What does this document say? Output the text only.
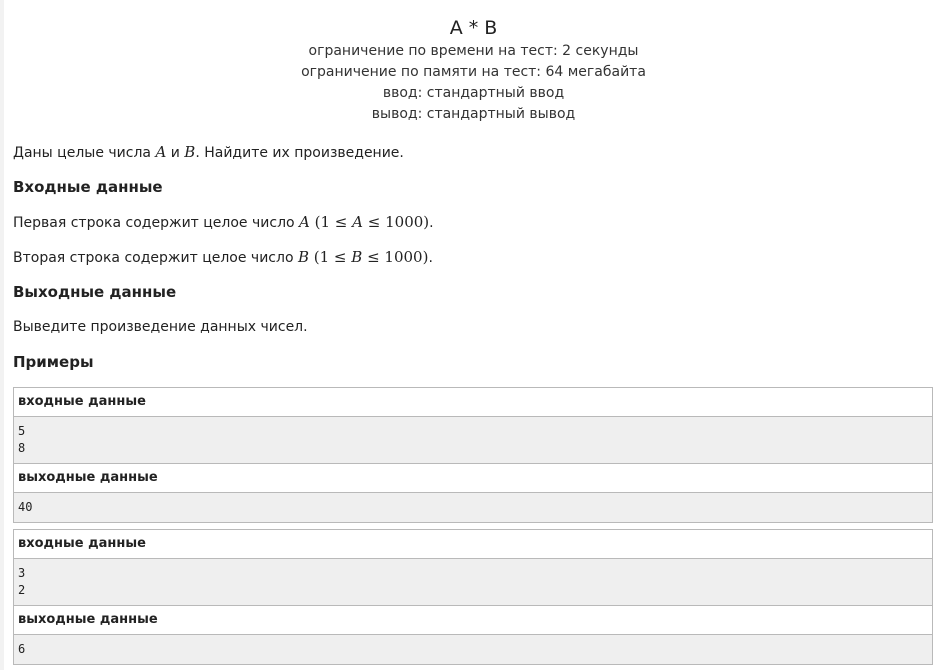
A * B
ограничение по времени на тест: 2 секунды
ограничение по памяти на тест: 64 мегабайта
ввод: стандартный ввод
вывод: стандартный вывод

Даны целые числа A и B. Найдите их произведение.

Входные данные

Первая строка содержит целое число A (1 ≤ A ≤ 1000).

Вторая строка содержит целое число B (1 ≤ B ≤ 1000).

Выходные данные

Выведите произведение данных чисел.

Примеры
входные данные
5
8
выходные данные
40
входные данные
3
2
выходные данные
6
